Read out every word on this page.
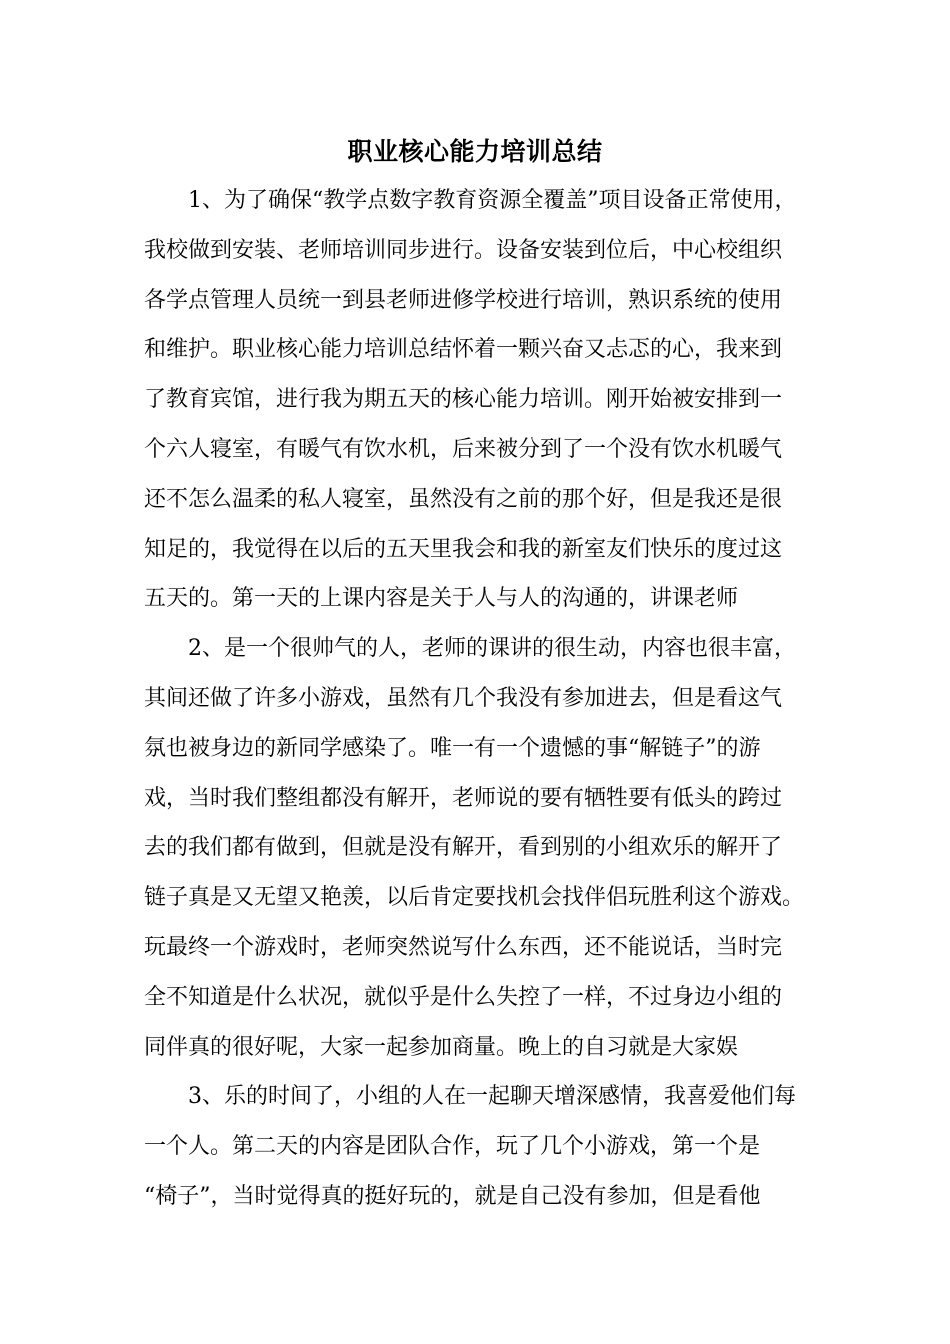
职业核心能力培训总结
1、为了确保“教学点数字教育资源全覆盖”项目设备正常使用，
我校做到安装、老师培训同步进行。设备安装到位后，中心校组织
各学点管理人员统一到县老师进修学校进行培训，熟识系统的使用
和维护。职业核心能力培训总结怀着一颗兴奋又忐忑的心，我来到
了教育宾馆，进行我为期五天的核心能力培训。刚开始被安排到一
个六人寝室，有暖气有饮水机，后来被分到了一个没有饮水机暖气
还不怎么温柔的私人寝室，虽然没有之前的那个好，但是我还是很
知足的，我觉得在以后的五天里我会和我的新室友们快乐的度过这
五天的。第一天的上课内容是关于人与人的沟通的，讲课老师
2、是一个很帅气的人，老师的课讲的很生动，内容也很丰富，
其间还做了许多小游戏，虽然有几个我没有参加进去，但是看这气
氛也被身边的新同学感染了。唯一有一个遗憾的事“解链子”的游
戏，当时我们整组都没有解开，老师说的要有牺牲要有低头的跨过
去的我们都有做到，但就是没有解开，看到别的小组欢乐的解开了
链子真是又无望又艳羡，以后肯定要找机会找伴侣玩胜利这个游戏。
玩最终一个游戏时，老师突然说写什么东西，还不能说话，当时完
全不知道是什么状况，就似乎是什么失控了一样，不过身边小组的
同伴真的很好呢，大家一起参加商量。晚上的自习就是大家娱
3、乐的时间了，小组的人在一起聊天增深感情，我喜爱他们每
一个人。第二天的内容是团队合作，玩了几个小游戏，第一个是
“椅子”，当时觉得真的挺好玩的，就是自己没有参加，但是看他
